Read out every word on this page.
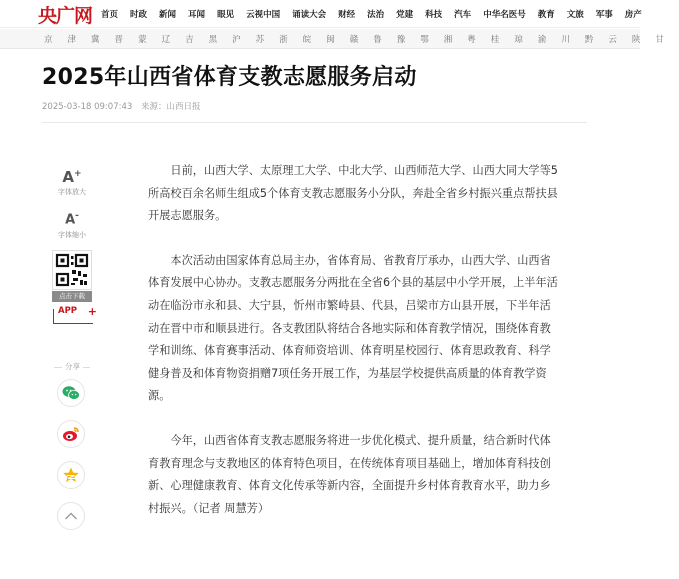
央广网 首页 时政 新闻 耳闻 眼见 云视中国 诵读大会 财经 法治 党建 科技 汽车 中华名医号 教育 文旅 军事 房产
京 津 冀 晋 蒙 辽 吉 黑 沪 苏 浙 皖 闽 赣 鲁 豫 鄂 湘 粤 桂 琼 渝 川 黔 云 陕 甘
2025年山西省体育支教志愿服务启动
2025-03-18 09:07:43 来源：山西日报
A+
字体放大
A-
字体缩小
点击下载
APP +
分享
日前，山西大学、太原理工大学、中北大学、山西师范大学、山西大同大学等5
所高校百余名师生组成5个体育支教志愿服务小分队，奔赴全省乡村振兴重点帮扶县
开展志愿服务。
本次活动由国家体育总局主办，省体育局、省教育厅承办，山西大学、山西省
体育发展中心协办。支教志愿服务分两批在全省6个县的基层中小学开展，上半年活
动在临汾市永和县、大宁县，忻州市繁峙县、代县，吕梁市方山县开展，下半年活
动在晋中市和顺县进行。各支教团队将结合各地实际和体育教学情况，围绕体育教
学和训练、体育赛事活动、体育师资培训、体育明星校园行、体育思政教育、科学
健身普及和体育物资捐赠7项任务开展工作，为基层学校提供高质量的体育教学资
源。
今年，山西省体育支教志愿服务将进一步优化模式、提升质量，结合新时代体
育教育理念与支教地区的体育特色项目，在传统体育项目基础上，增加体育科技创
新、心理健康教育、体育文化传承等新内容，全面提升乡村体育教育水平，助力乡
村振兴。（记者 周慧芳）
